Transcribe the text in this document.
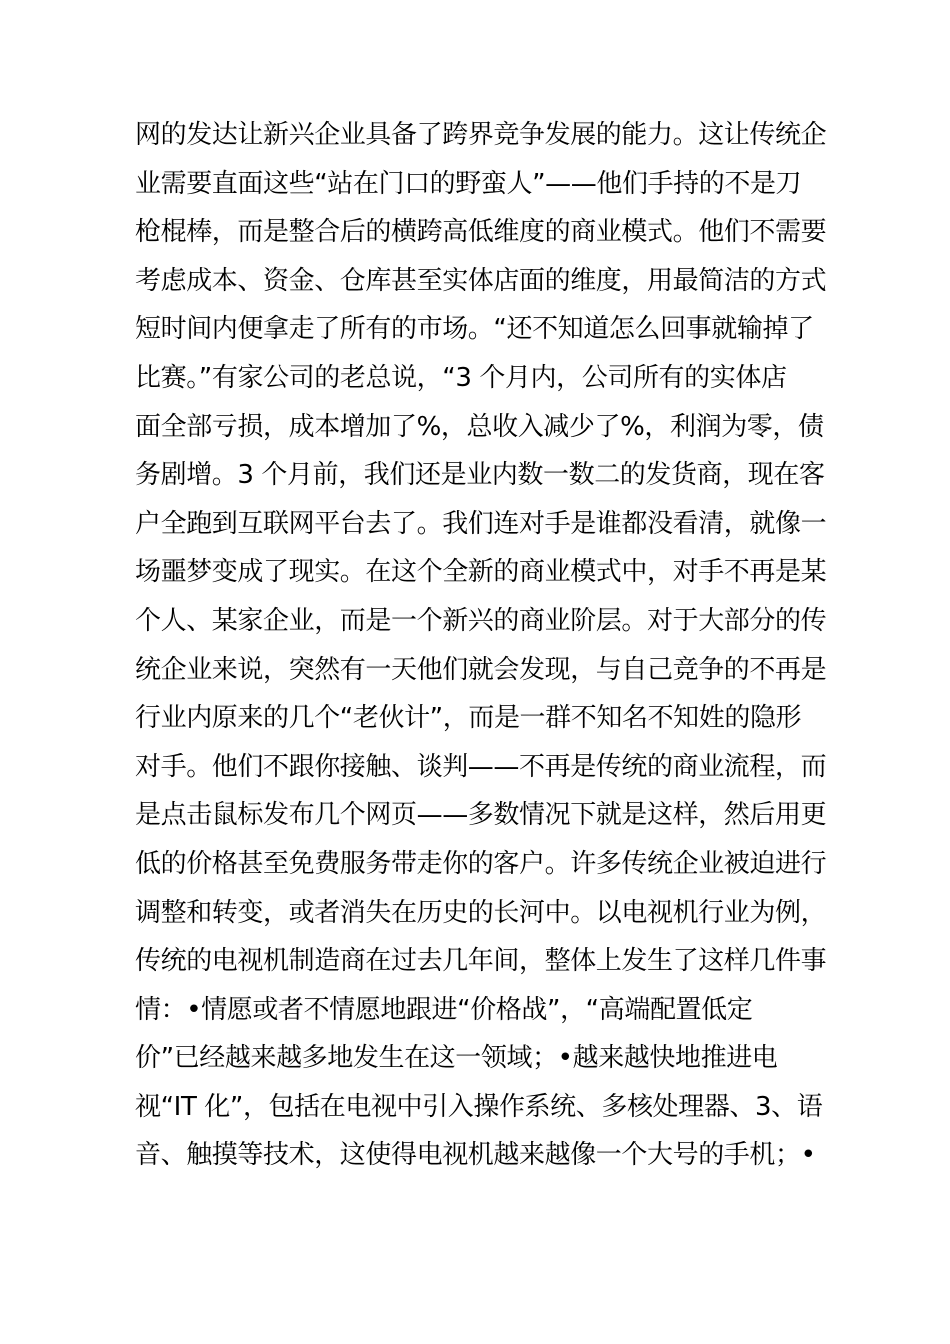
网的发达让新兴企业具备了跨界竞争发展的能力。这让传统企
业需要直面这些“站在门口的野蛮人”——他们手持的不是刀
枪棍棒，而是整合后的横跨高低维度的商业模式。他们不需要
考虑成本、资金、仓库甚至实体店面的维度，用最简洁的方式
短时间内便拿走了所有的市场。“还不知道怎么回事就输掉了
比赛。”有家公司的老总说，“3 个月内，公司所有的实体店
面全部亏损，成本增加了%，总收入减少了%，利润为零，债
务剧增。3 个月前，我们还是业内数一数二的发货商，现在客
户全跑到互联网平台去了。我们连对手是谁都没看清，就像一
场噩梦变成了现实。在这个全新的商业模式中，对手不再是某
个人、某家企业，而是一个新兴的商业阶层。对于大部分的传
统企业来说，突然有一天他们就会发现，与自己竞争的不再是
行业内原来的几个“老伙计”，而是一群不知名不知姓的隐形
对手。他们不跟你接触、谈判——不再是传统的商业流程，而
是点击鼠标发布几个网页——多数情况下就是这样，然后用更
低的价格甚至免费服务带走你的客户。许多传统企业被迫进行
调整和转变，或者消失在历史的长河中。以电视机行业为例，
传统的电视机制造商在过去几年间，整体上发生了这样几件事
情：•情愿或者不情愿地跟进“价格战”，“高端配置低定
价”已经越来越多地发生在这一领域；•越来越快地推进电
视“IT 化”，包括在电视中引入操作系统、多核处理器、3、语
音、触摸等技术，这使得电视机越来越像一个大号的手机；•
